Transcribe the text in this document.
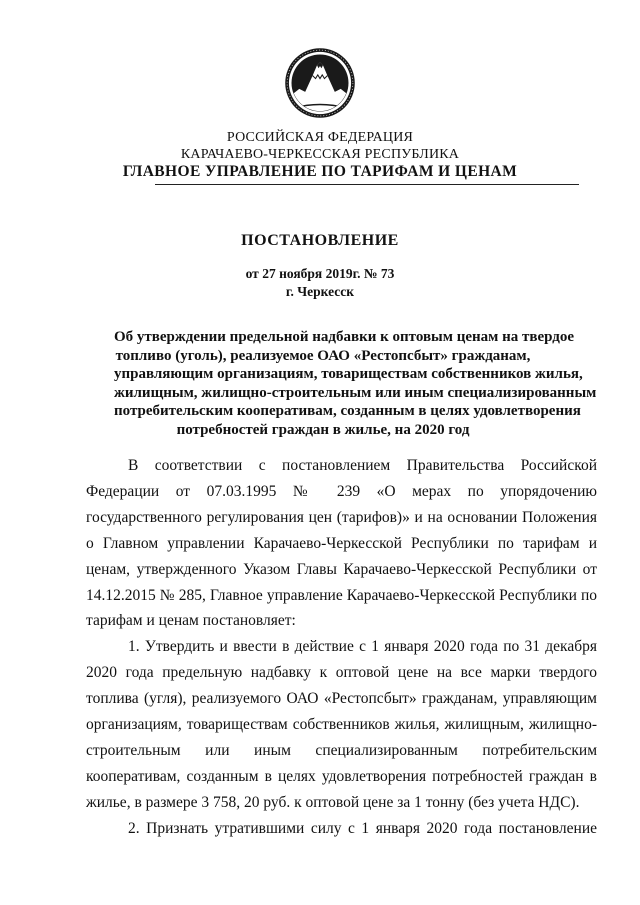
РОССИЙСКАЯ ФЕДЕРАЦИЯ
КАРАЧАЕВО-ЧЕРКЕССКАЯ РЕСПУБЛИКА
ГЛАВНОЕ УПРАВЛЕНИЕ ПО ТАРИФАМ И ЦЕНАМ
ПОСТАНОВЛЕНИЕ
от 27 ноября 2019г. № 73
г. Черкесск
Об утверждении предельной надбавки к оптовым ценам на твердое
топливо (уголь), реализуемое ОАО «Рестопсбыт» гражданам,
управляющим организациям, товариществам собственников жилья,
жилищным, жилищно-строительным или иным специализированным
потребительским кооперативам, созданным в целях удовлетворения
потребностей граждан в жилье, на 2020 год
В соответствии с постановлением Правительства Российской
Федерации от 07.03.1995 № 239 «О мерах по упорядочению
государственного регулирования цен (тарифов)» и на основании Положения
о Главном управлении Карачаево-Черкесской Республики по тарифам и
ценам, утвержденного Указом Главы Карачаево-Черкесской Республики от
14.12.2015 № 285, Главное управление Карачаево-Черкесской Республики по
тарифам и ценам постановляет:
1. Утвердить и ввести в действие с 1 января 2020 года по 31 декабря
2020 года предельную надбавку к оптовой цене на все марки твердого
топлива (угля), реализуемого ОАО «Рестопсбыт» гражданам, управляющим
организациям, товариществам собственников жилья, жилищным, жилищно-
строительным или иным специализированным потребительским
кооперативам, созданным в целях удовлетворения потребностей граждан в
жилье, в размере 3 758, 20 руб. к оптовой цене за 1 тонну (без учета НДС).
2. Признать утратившими силу с 1 января 2020 года постановление
